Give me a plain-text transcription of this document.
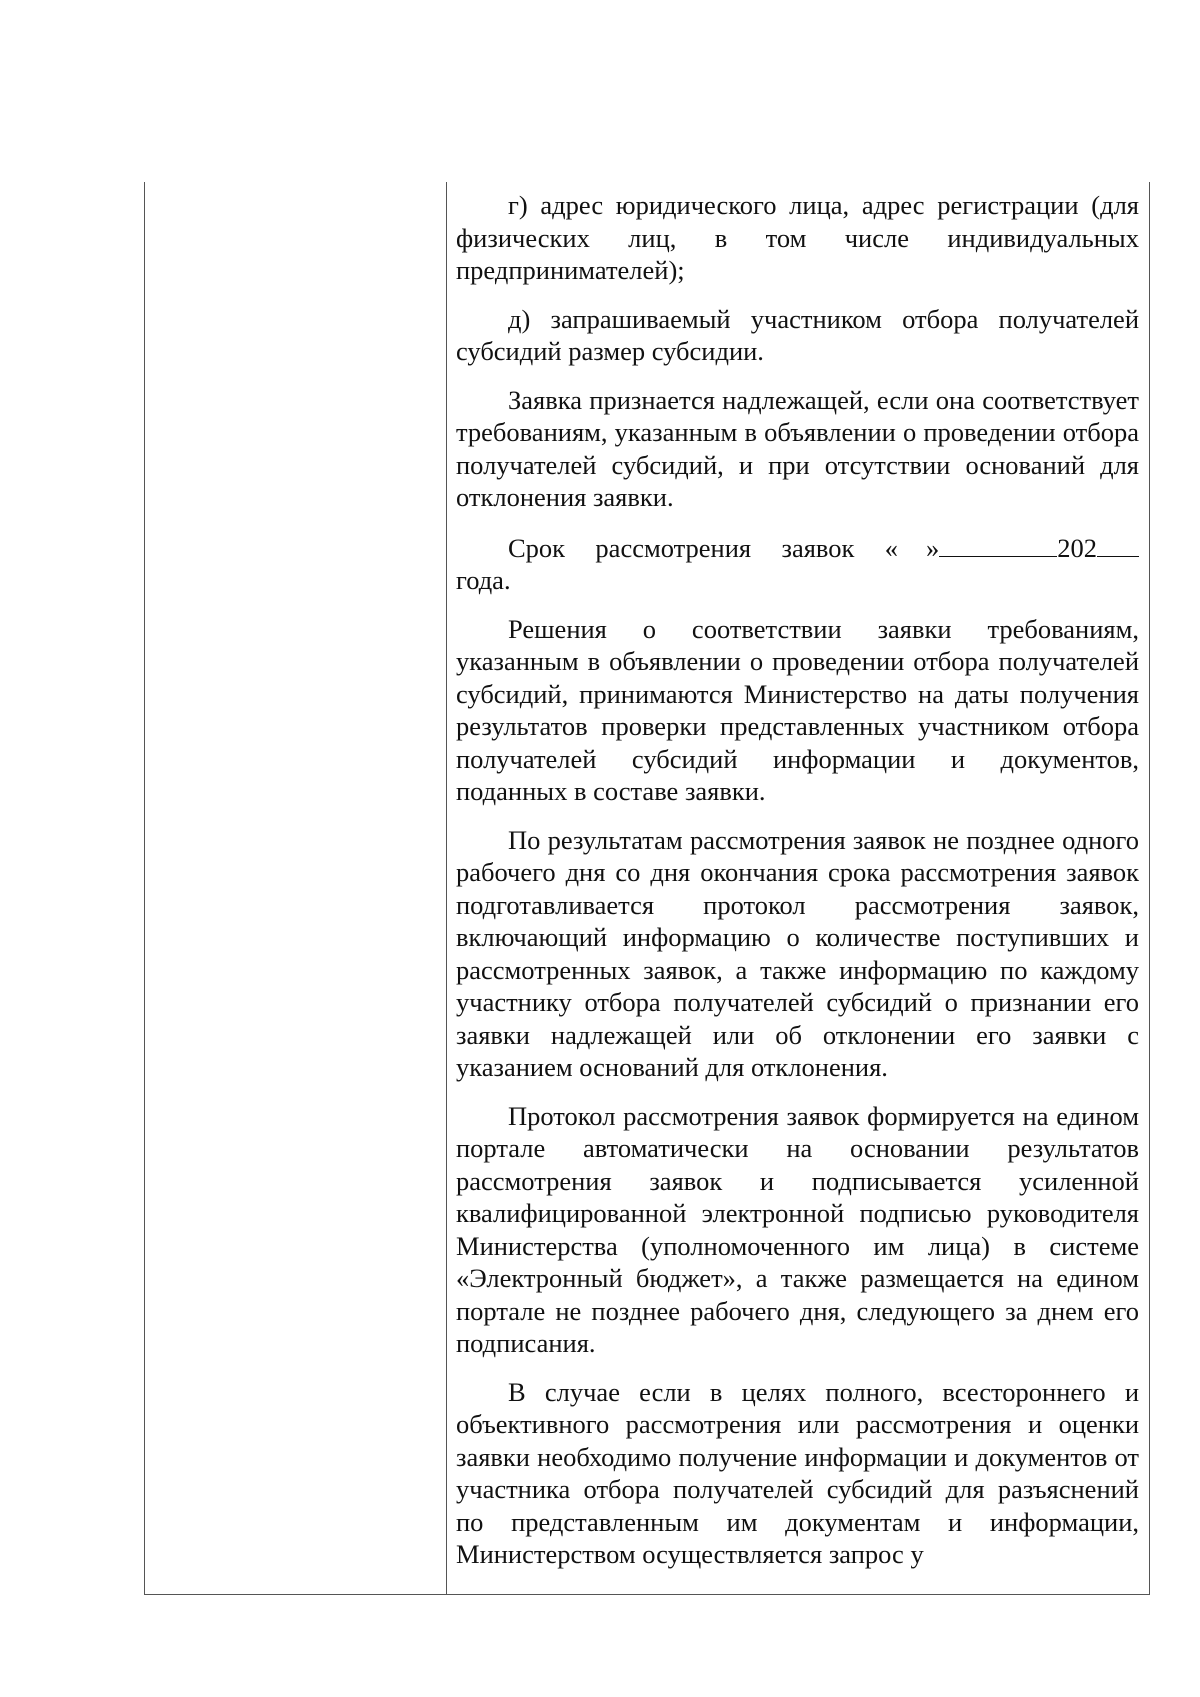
г) адрес юридического лица, адрес регистрации (для физических лиц, в том числе индивидуальных предпринимателей);

д) запрашиваемый участником отбора получателей субсидий размер субсидии.

Заявка признается надлежащей, если она соответствует требованиям, указанным в объявлении о проведении отбора получателей субсидий, и при отсутствии оснований для отклонения заявки.

Срок рассмотрения заявок « »	202
года.

Решения о соответствии заявки требованиям, указанным в объявлении о проведении отбора получателей субсидий, принимаются Министерство на даты получения результатов проверки представленных участником отбора получателей субсидий информации и документов, поданных в составе заявки.

По результатам рассмотрения заявок не позднее одного рабочего дня со дня окончания срока рассмотрения заявок подготавливается протокол рассмотрения заявок, включающий информацию о количестве поступивших и рассмотренных заявок, а также информацию по каждому участнику отбора получателей субсидий о признании его заявки надлежащей или об отклонении его заявки с указанием оснований для отклонения.

Протокол рассмотрения заявок формируется на едином портале автоматически на основании результатов рассмотрения заявок и подписывается усиленной квалифицированной электронной подписью руководителя Министерства (уполномоченного им лица) в системе «Электронный бюджет», а также размещается на едином портале не позднее рабочего дня, следующего за днем его подписания.

В случае если в целях полного, всестороннего и объективного рассмотрения или рассмотрения и оценки заявки необходимо получение информации и документов от участника отбора получателей субсидий для разъяснений по представленным им документам и информации, Министерством осуществляется запрос у
